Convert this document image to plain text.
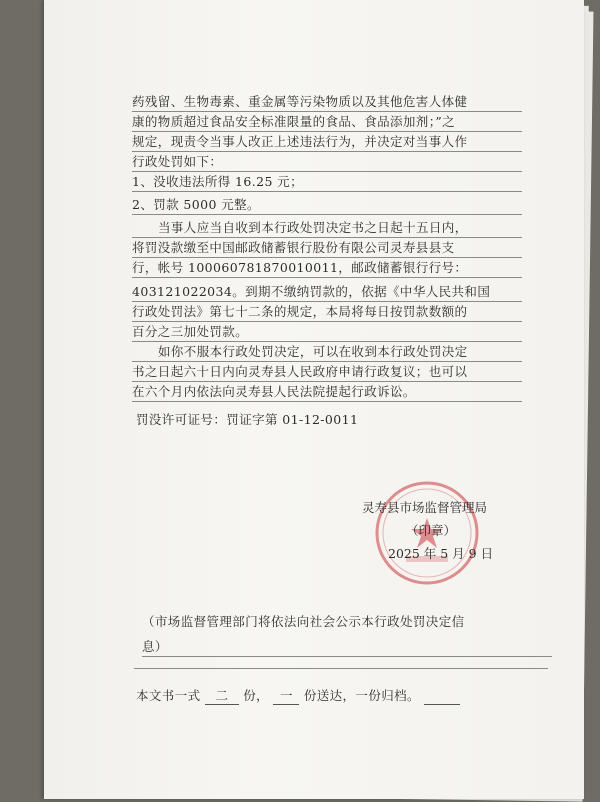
药残留、生物毒素、重金属等污染物质以及其他危害人体健
康的物质超过食品安全标准限量的食品、食品添加剂；”之
规定，现责令当事人改正上述违法行为，并决定对当事人作
行政处罚如下：
1、没收违法所得 16.25 元；
2、罚款 5000 元整。
当事人应当自收到本行政处罚决定书之日起十五日内，
将罚没款缴至中国邮政储蓄银行股份有限公司灵寿县县支
行，帐号 100060781870010011，邮政储蓄银行行号：
403121022034。到期不缴纳罚款的，依据《中华人民共和国
行政处罚法》第七十二条的规定，本局将每日按罚款数额的
百分之三加处罚款。
如你不服本行政处罚决定，可以在收到本行政处罚决定
书之日起六十日内向灵寿县人民政府申请行政复议；也可以
在六个月内依法向灵寿县人民法院提起行政诉讼。
罚没许可证号：罚证字第 01-12-0011
灵寿县市场监督管理局
（印章）
2025 年 5 月 9 日
（市场监督管理部门将依法向社会公示本行政处罚决定信
息）
本文书一式 二 份， 一 份送达，一份归档。
